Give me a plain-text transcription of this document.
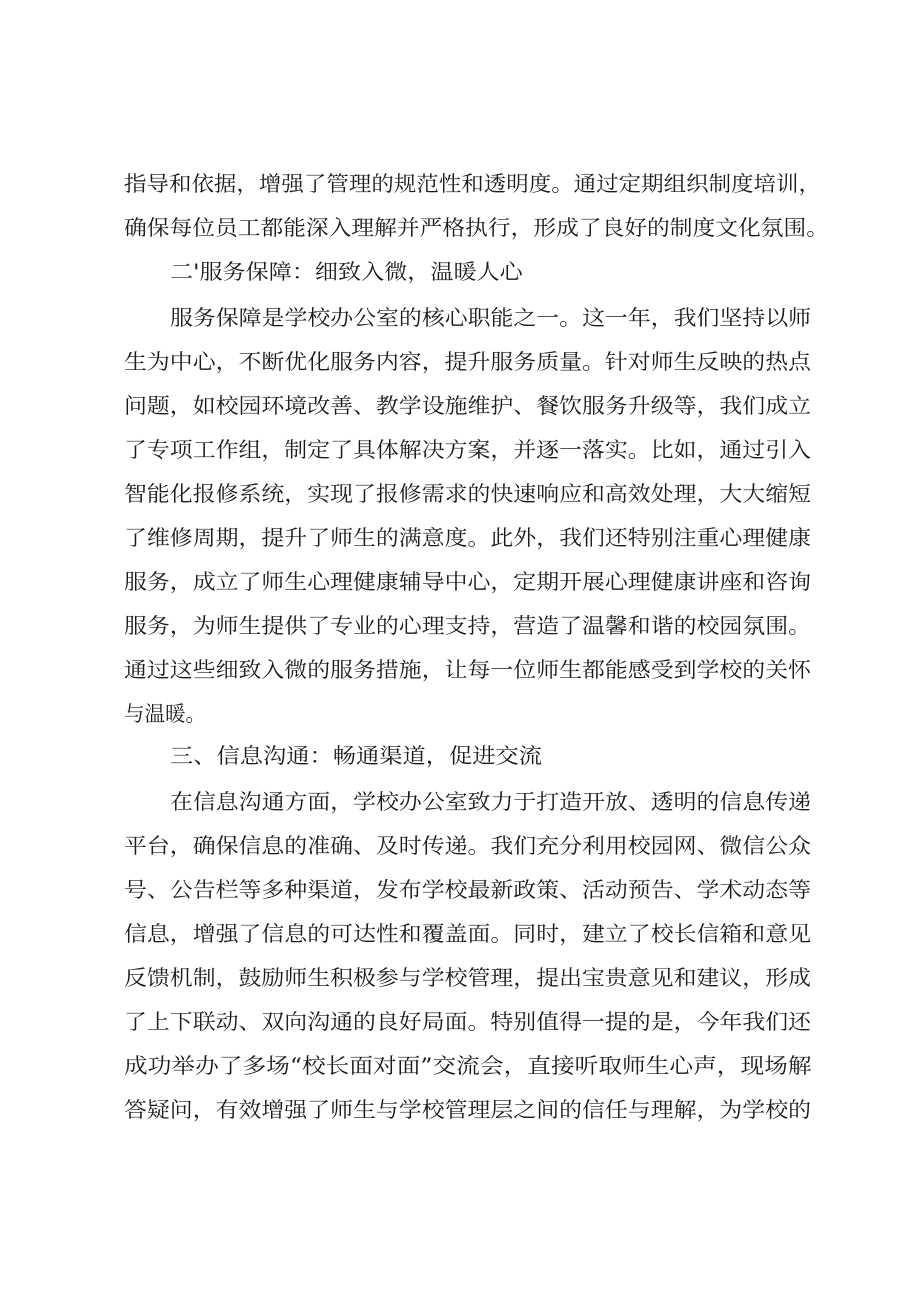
指导和依据，增强了管理的规范性和透明度。通过定期组织制度培训，

确保每位员工都能深入理解并严格执行，形成了良好的制度文化氛围。

二'服务保障：细致入微，温暖人心

服务保障是学校办公室的核心职能之一。这一年，我们坚持以师

生为中心，不断优化服务内容，提升服务质量。针对师生反映的热点

问题，如校园环境改善、教学设施维护、餐饮服务升级等，我们成立

了专项工作组，制定了具体解决方案，并逐一落实。比如，通过引入

智能化报修系统，实现了报修需求的快速响应和高效处理，大大缩短

了维修周期，提升了师生的满意度。此外，我们还特别注重心理健康

服务，成立了师生心理健康辅导中心，定期开展心理健康讲座和咨询

服务，为师生提供了专业的心理支持，营造了温馨和谐的校园氛围。

通过这些细致入微的服务措施，让每一位师生都能感受到学校的关怀

与温暖。

三、信息沟通：畅通渠道，促进交流

在信息沟通方面，学校办公室致力于打造开放、透明的信息传递

平台，确保信息的准确、及时传递。我们充分利用校园网、微信公众

号、公告栏等多种渠道，发布学校最新政策、活动预告、学术动态等

信息，增强了信息的可达性和覆盖面。同时，建立了校长信箱和意见

反馈机制，鼓励师生积极参与学校管理，提出宝贵意见和建议，形成

了上下联动、双向沟通的良好局面。特别值得一提的是，今年我们还

成功举办了多场“校长面对面”交流会，直接听取师生心声，现场解

答疑问，有效增强了师生与学校管理层之间的信任与理解，为学校的
